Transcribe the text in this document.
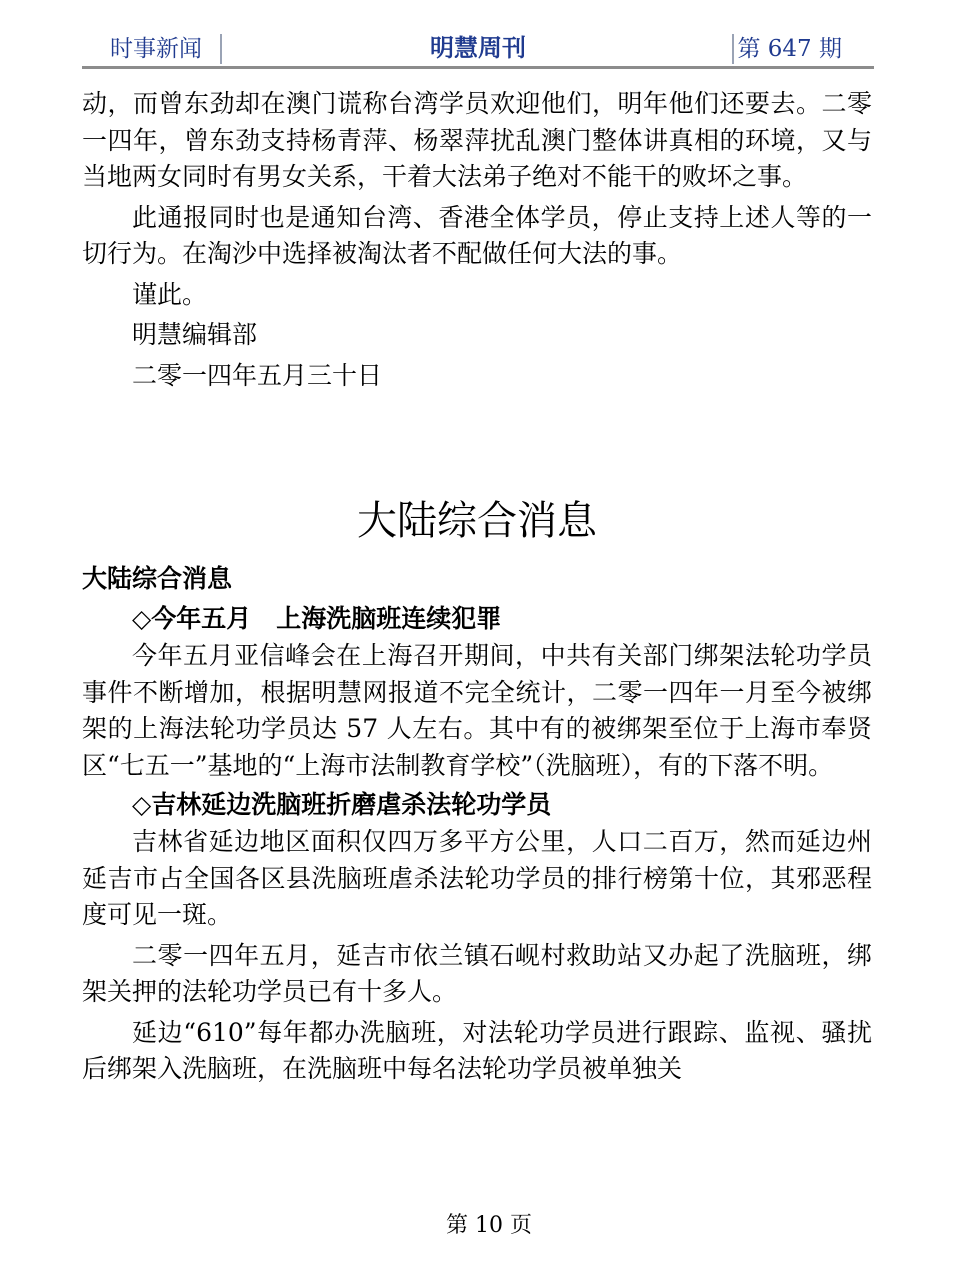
时事新闻	明慧周刊	第 647 期

动，而曾东劲却在澳门谎称台湾学员欢迎他们，明年他们还要去。二零一四年，曾东劲支持杨青萍、杨翠萍扰乱澳门整体讲真相的环境，又与当地两女同时有男女关系，干着大法弟子绝对不能干的败坏之事。

此通报同时也是通知台湾、香港全体学员，停止支持上述人等的一切行为。在淘沙中选择被淘汰者不配做任何大法的事。

谨此。

明慧编辑部

二零一四年五月三十日

大陆综合消息
大陆综合消息
◇今年五月　上海洗脑班连续犯罪

今年五月亚信峰会在上海召开期间，中共有关部门绑架法轮功学员事件不断增加，根据明慧网报道不完全统计，二零一四年一月至今被绑架的上海法轮功学员达 57 人左右。其中有的被绑架至位于上海市奉贤区“七五一”基地的“上海市法制教育学校”（洗脑班），有的下落不明。

◇吉林延边洗脑班折磨虐杀法轮功学员

吉林省延边地区面积仅四万多平方公里，人口二百万，然而延边州延吉市占全国各区县洗脑班虐杀法轮功学员的排行榜第十位，其邪恶程度可见一斑。

二零一四年五月，延吉市依兰镇石岘村救助站又办起了洗脑班，绑架关押的法轮功学员已有十多人。

延边“610”每年都办洗脑班，对法轮功学员进行跟踪、监视、骚扰后绑架入洗脑班，在洗脑班中每名法轮功学员被单独关

第 10 页
